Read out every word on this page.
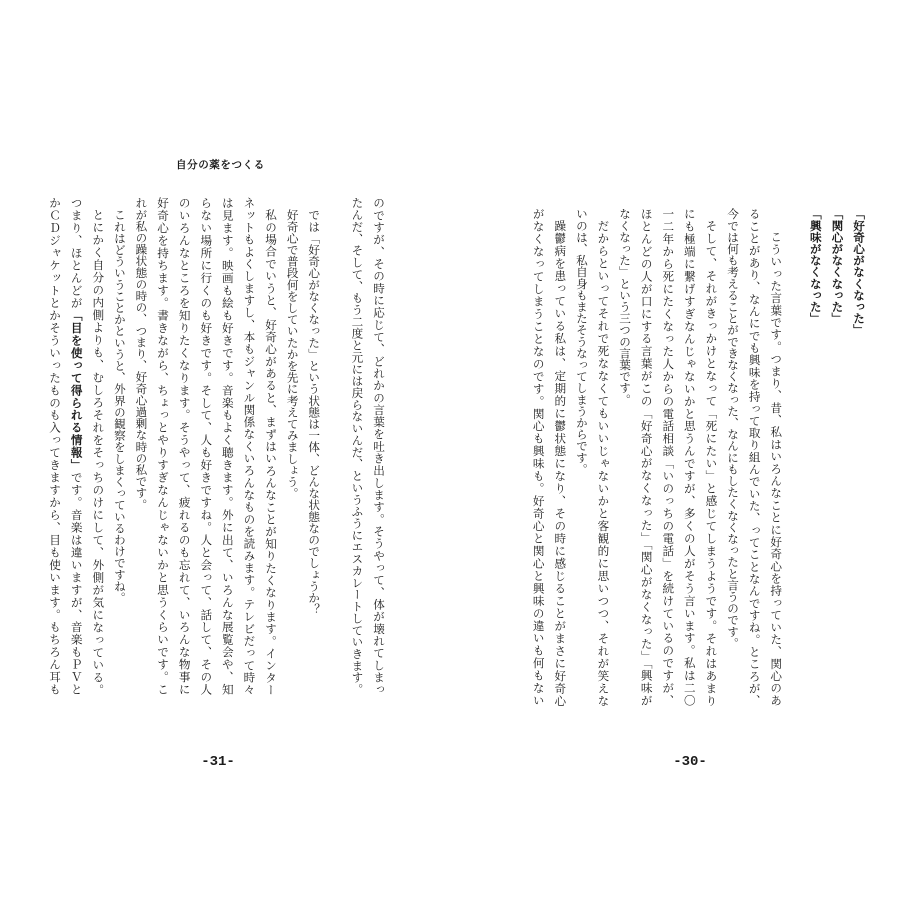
自分の薬をつくる
のですが、その時に応じて、どれかの言葉を吐き出します。そうやって、体が壊れてしまっ
たんだ、そして、もう二度と元には戻らないんだ、というふうにエスカレートしていきます。
では「好奇心がなくなった」という状態は一体、どんな状態なのでしょうか？
好奇心で普段何をしていたかを先に考えてみましょう。
私の場合でいうと、好奇心があると、まずはいろんなことが知りたくなります。インター
ネットもよくしますし、本もジャンル関係なくいろんなものを読みます。テレビだって時々
は見ます。映画も絵も好きです。音楽もよく聴きます。外に出て、いろんな展覧会や、知
らない場所に行くのも好きです。そして、人も好きですね。人と会って、話して、その人
のいろんなところを知りたくなります。そうやって、疲れるのも忘れて、いろんな物事に
好奇心を持ちます。書きながら、ちょっとやりすぎなんじゃないかと思うくらいです。こ
れが私の躁状態の時の、つまり、好奇心過剰な時の私です。
これはどういうことかというと、外界の観察をしまくっているわけですね。
とにかく自分の内側よりも、むしろそれをそっちのけにして、外側が気になっている。
つまり、ほとんどが「目を使って得られる情報」です。音楽は違いますが、音楽もＰＶと
かＣＤジャケットとかそういったものも入ってきますから、目も使います。もちろん耳も
-31-
「好奇心がなくなった」
「関心がなくなった」
「興味がなくなった」
こういった言葉です。つまり、昔、私はいろんなことに好奇心を持っていた、関心のあ
ることがあり、なんにでも興味を持って取り組んでいた、ってことなんですね。ところが、
今では何も考えることができなくなった、なんにもしたくなくなったと言うのです。
そして、それがきっかけとなって「死にたい」と感じてしまうようです。それはあまり
にも極端に繋げすぎなんじゃないかと思うんですが、多くの人がそう言います。私は二〇
一二年から死にたくなった人からの電話相談「いのっちの電話」を続けているのですが、
ほとんどの人が口にする言葉がこの「好奇心がなくなった」「関心がなくなった」「興味が
なくなった」という三つの言葉です。
だからといってそれで死ななくてもいいじゃないかと客観的に思いつつ、それが笑えな
いのは、私自身もまたそうなってしまうからです。
躁鬱病を患っている私は、定期的に鬱状態になり、その時に感じることがまさに好奇心
がなくなってしまうことなのです。関心も興味も。好奇心と関心と興味の違いも何もない
-30-
